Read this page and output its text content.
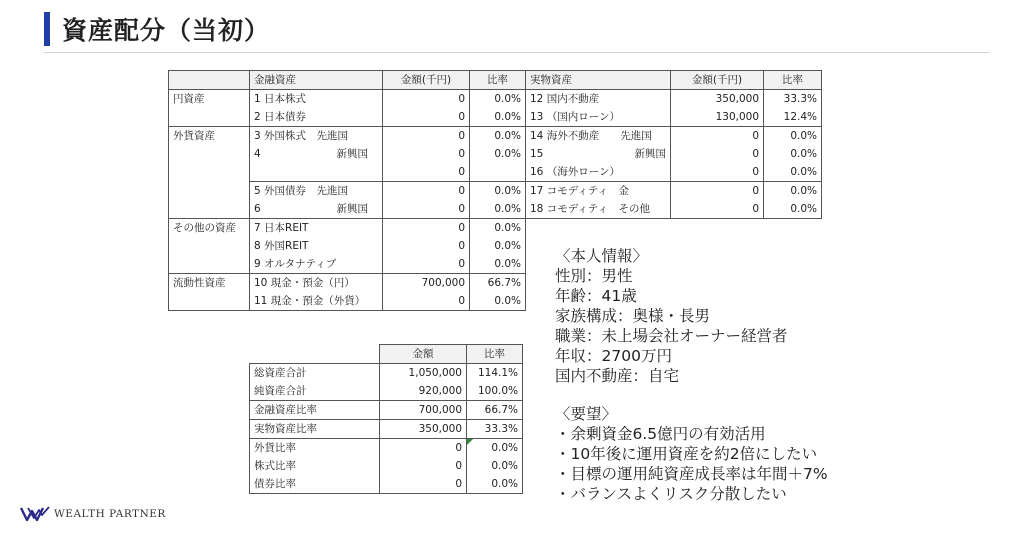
資産配分（当初）
	金融資産	金額(千円)	比率	実物資産	金額(千円)	比率
円資産	1 日本株式	0	0.0%	12 国内不動産	350,000	33.3%
	2 日本債券	0	0.0%	13 （国内ローン）	130,000	12.4%
外貨資産	3 外国株式　 先進国	0	0.0%	14 海外不動産　　 先進国	0	0.0%
	4 新興国	0	0.0%	15 新興国	0	0.0%
		0		16 （海外ローン）	0	0.0%
	5 外国債券　 先進国	0	0.0%	17 コモディティ　 金	0	0.0%
	6 新興国	0	0.0%	18 コモディティ　 その他	0	0.0%
その他の資産	7 日本REIT	0	0.0%			
	8 外国REIT	0	0.0%			
	9 オルタナティブ	0	0.0%			
流動性資産	10 現金・預金（円）	700,000	66.7%			
	11 現金・預金（外貨）	0	0.0%			
	金額	比率
総資産合計	1,050,000	114.1%
純資産合計	920,000	100.0%
金融資産比率	700,000	66.7%
実物資産比率	350,000	33.3%
外貨比率	0	0.0%
株式比率	0	0.0%
債券比率	0	0.0%
〈本人情報〉
性別：男性
年齢：41歳
家族構成：奥様・長男
職業：未上場会社オーナー経営者
年収：2700万円
国内不動産：自宅
〈要望〉
・余剰資金6.5億円の有効活用
・10年後に運用資産を約2倍にしたい
・目標の運用純資産成長率は年間＋7%
・バランスよくリスク分散したい
WEALTH PARTNER
